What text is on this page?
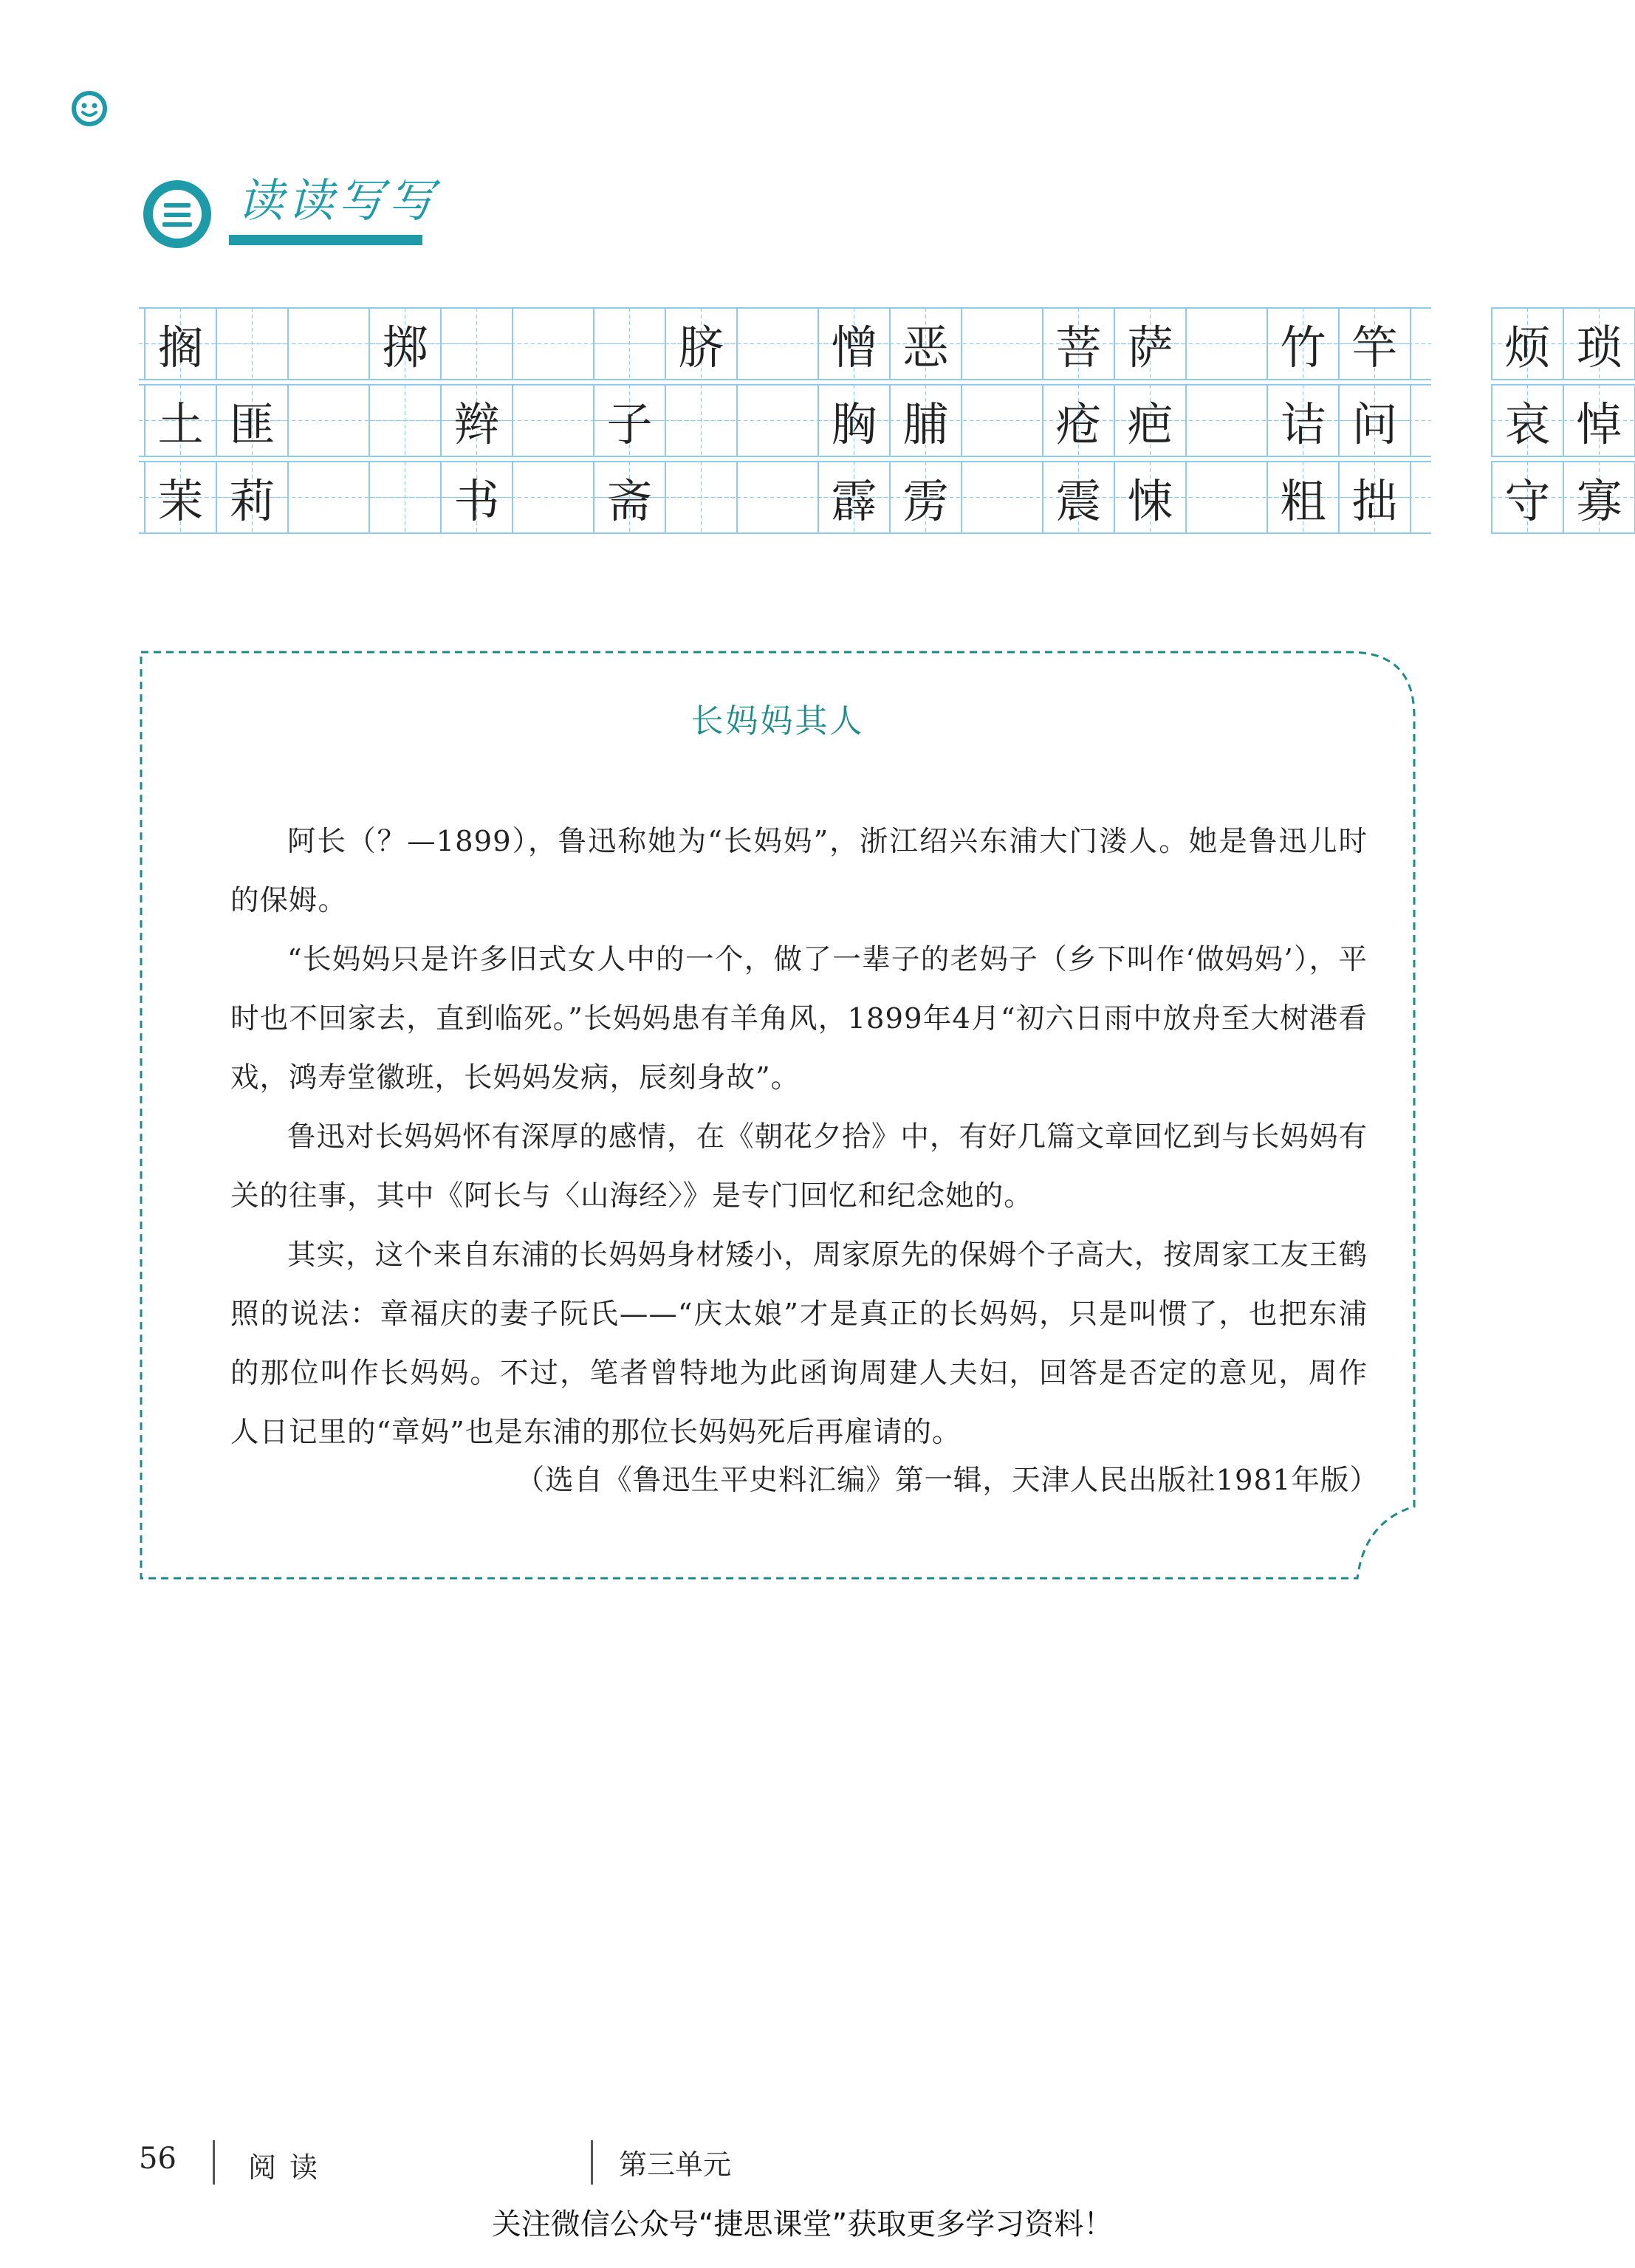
读读写写
搁
土 匪
茉 莉
掷
辫
书
脐
子
斋
憎 恶
胸 脯
霹 雳
菩 萨
疮 疤
震 悚
竹 竿
诘 问
粗 拙
烦 琐
哀 悼
守 寡
长妈妈其人
阿长（？—1899），鲁迅称她为“长妈妈”，浙江绍兴东浦大门溇人。她是鲁迅儿时的保姆。
“长妈妈只是许多旧式女人中的一个，做了一辈子的老妈子（乡下叫作‘做妈妈’），平时也不回家去，直到临死。”长妈妈患有羊角风，1899年4月“初六日雨中放舟至大树港看戏，鸿寿堂徽班，长妈妈发病，辰刻身故”。
鲁迅对长妈妈怀有深厚的感情，在《朝花夕拾》中，有好几篇文章回忆到与长妈妈有关的往事，其中《阿长与〈山海经〉》是专门回忆和纪念她的。
其实，这个来自东浦的长妈妈身材矮小，周家原先的保姆个子高大，按周家工友王鹤照的说法：章福庆的妻子阮氏——“庆太娘”才是真正的长妈妈，只是叫惯了，也把东浦的那位叫作长妈妈。不过，笔者曾特地为此函询周建人夫妇，回答是否定的意见，周作人日记里的“章妈”也是东浦的那位长妈妈死后再雇请的。
（选自《鲁迅生平史料汇编》第一辑，天津人民出版社1981年版）
56	阅读	第三单元
关注微信公众号“捷思课堂”获取更多学习资料！
